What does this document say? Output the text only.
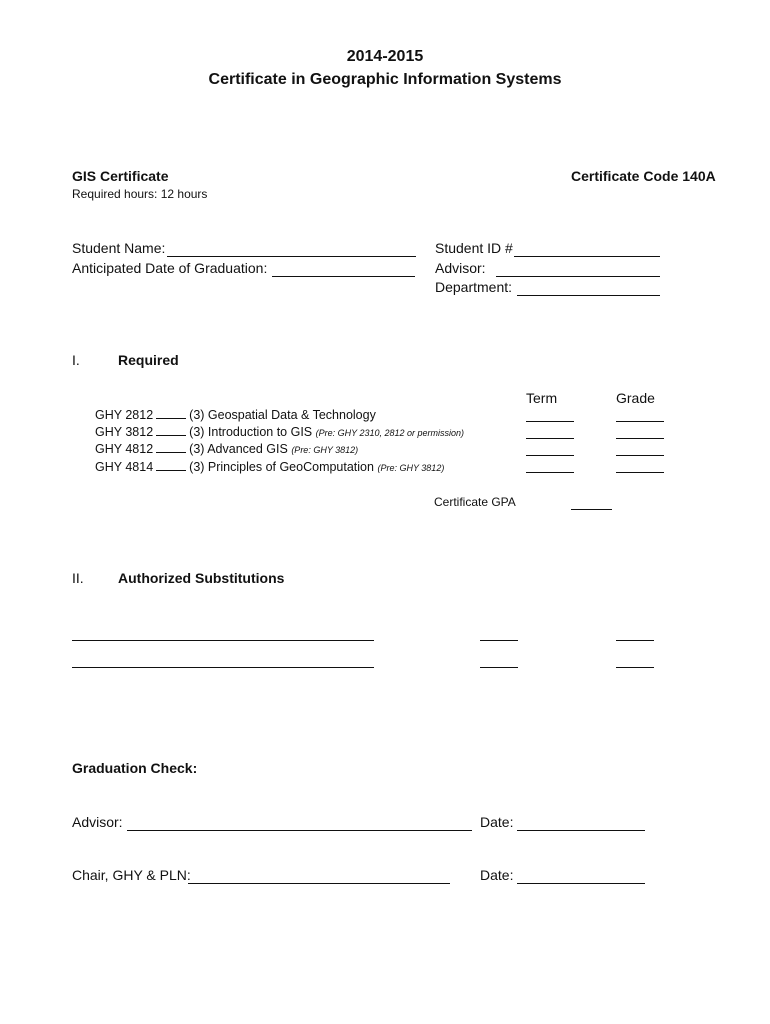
2014-2015
Certificate in Geographic Information Systems
GIS Certificate
Required hours: 12 hours
Certificate Code 140A
Student Name:
Anticipated Date of Graduation:
Student ID #
Advisor:
Department:
I.	Required
Term	Grade
GHY 2812	(3) Geospatial Data & Technology
GHY 3812	(3) Introduction to GIS (Pre: GHY 2310, 2812 or permission)
GHY 4812	(3) Advanced GIS (Pre: GHY 3812)
GHY 4814	(3) Principles of GeoComputation (Pre: GHY 3812)
Certificate GPA
II. Authorized Substitutions
Graduation Check:
Advisor:	Date:
Chair, GHY & PLN:	Date:
